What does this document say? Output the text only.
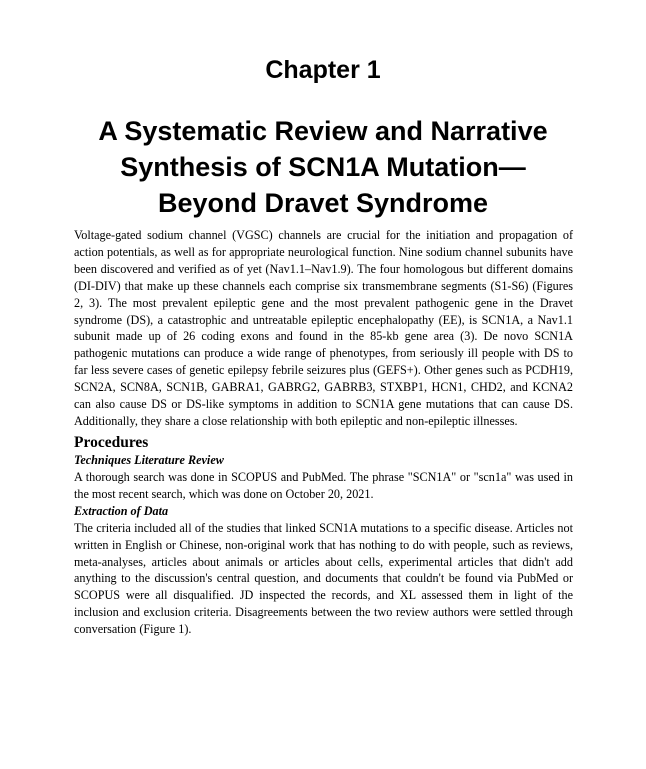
Chapter 1
A Systematic Review and Narrative
Synthesis of SCN1A Mutation—
Beyond Dravet Syndrome

Voltage-gated sodium channel (VGSC) channels are crucial for the initiation and propagation of action potentials, as well as for appropriate neurological function. Nine sodium channel subunits have been discovered and verified as of yet (Nav1.1–Nav1.9). The four homologous but different domains (DI-DIV) that make up these channels each comprise six transmembrane segments (S1-S6) (Figures 2, 3). The most prevalent epileptic gene and the most prevalent pathogenic gene in the Dravet syndrome (DS), a catastrophic and untreatable epileptic encephalopathy (EE), is SCN1A, a Nav1.1 subunit made up of 26 coding exons and found in the 85-kb gene area (3). De novo SCN1A pathogenic mutations can produce a wide range of phenotypes, from seriously ill people with DS to far less severe cases of genetic epilepsy febrile seizures plus (GEFS+). Other genes such as PCDH19, SCN2A, SCN8A, SCN1B, GABRA1, GABRG2, GABRB3, STXBP1, HCN1, CHD2, and KCNA2 can also cause DS or DS-like symptoms in addition to SCN1A gene mutations that can cause DS. Additionally, they share a close relationship with both epileptic and non-epileptic illnesses.

Procedures
Techniques Literature Review

A thorough search was done in SCOPUS and PubMed. The phrase "SCN1A" or "scn1a" was used in the most recent search, which was done on October 20, 2021.

Extraction of Data

The criteria included all of the studies that linked SCN1A mutations to a specific disease. Articles not written in English or Chinese, non-original work that has nothing to do with people, such as reviews, meta-analyses, articles about animals or articles about cells, experimental articles that didn't add anything to the discussion's central question, and documents that couldn't be found via PubMed or SCOPUS were all disqualified. JD inspected the records, and XL assessed them in light of the inclusion and exclusion criteria. Disagreements between the two review authors were settled through conversation (Figure 1).
